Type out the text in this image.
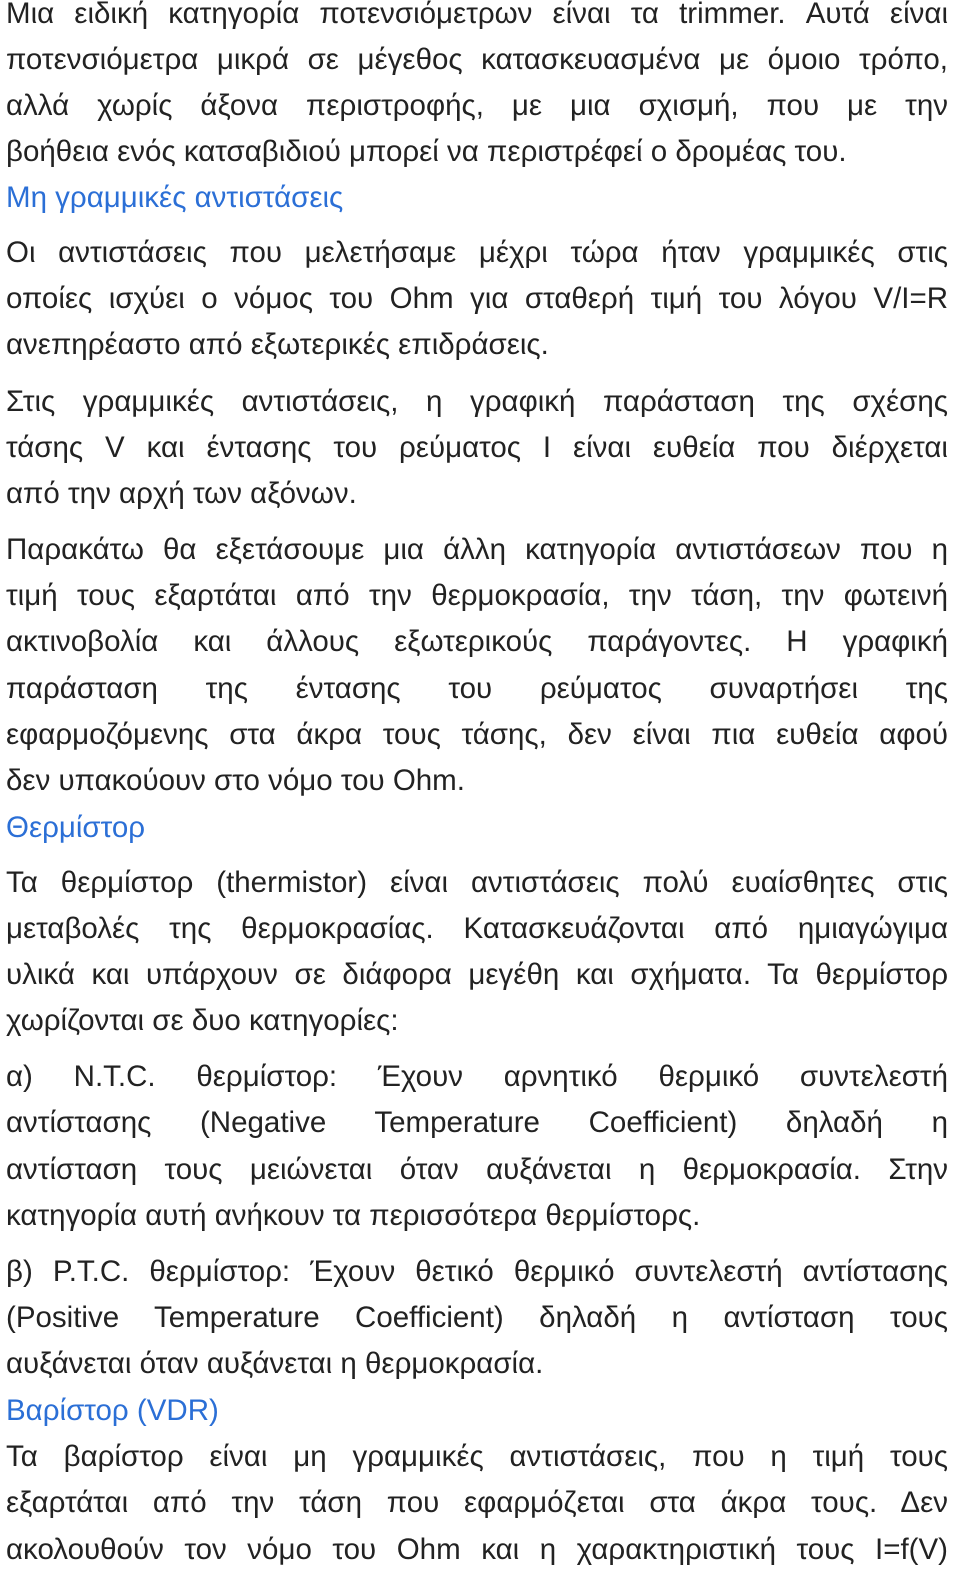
Μια ειδική κατηγορία ποτενσιόμετρων είναι τα trimmer. Αυτά είναι
ποτενσιόμετρα μικρά σε μέγεθος κατασκευασμένα με όμοιο τρόπο,
αλλά χωρίς άξονα περιστροφής, με μια σχισμή, που με την
βοήθεια ενός κατσαβιδιού μπορεί να περιστρέφεί ο δρομέας του.
Μη γραμμικές αντιστάσεις
Οι αντιστάσεις που μελετήσαμε μέχρι τώρα ήταν γραμμικές στις
οποίες ισχύει ο νόμος του Ohm για σταθερή τιμή του λόγου V/I=R
ανεπηρέαστο από εξωτερικές επιδράσεις.
Στις γραμμικές αντιστάσεις, η γραφική παράσταση της σχέσης
τάσης V και έντασης του ρεύματος I είναι ευθεία που διέρχεται
από την αρχή των αξόνων.
Παρακάτω θα εξετάσουμε μια άλλη κατηγορία αντιστάσεων που η
τιμή τους εξαρτάται από την θερμοκρασία, την τάση, την φωτεινή
ακτινοβολία και άλλους εξωτερικούς παράγοντες. Η γραφική
παράσταση της έντασης του ρεύματος συναρτήσει της
εφαρμοζόμενης στα άκρα τους τάσης, δεν είναι πια ευθεία αφού
δεν υπακούουν στο νόμο του Ohm.
Θερμίστορ
Τα θερμίστορ (thermistor) είναι αντιστάσεις πολύ ευαίσθητες στις
μεταβολές της θερμοκρασίας. Κατασκευάζονται από ημιαγώγιμα
υλικά και υπάρχουν σε διάφορα μεγέθη και σχήματα. Τα θερμίστορ
χωρίζονται σε δυο κατηγορίες:
α) N.T.C. θερμίστορ: Έχουν αρνητικό θερμικό συντελεστή
αντίστασης (Negative Temperature Coefficient) δηλαδή η
αντίσταση τους μειώνεται όταν αυξάνεται η θερμοκρασία. Στην
κατηγορία αυτή ανήκουν τα περισσότερα θερμίστορς.
β) P.T.C. θερμίστορ: Έχουν θετικό θερμικό συντελεστή αντίστασης
(Positive Temperature Coefficient) δηλαδή η αντίσταση τους
αυξάνεται όταν αυξάνεται η θερμοκρασία.
Βαρίστορ (VDR)
Τα βαρίστορ είναι μη γραμμικές αντιστάσεις, που η τιμή τους
εξαρτάται από την τάση που εφαρμόζεται στα άκρα τους. Δεν
ακολουθούν τον νόμο του Ohm και η χαρακτηριστική τους I=f(V)
